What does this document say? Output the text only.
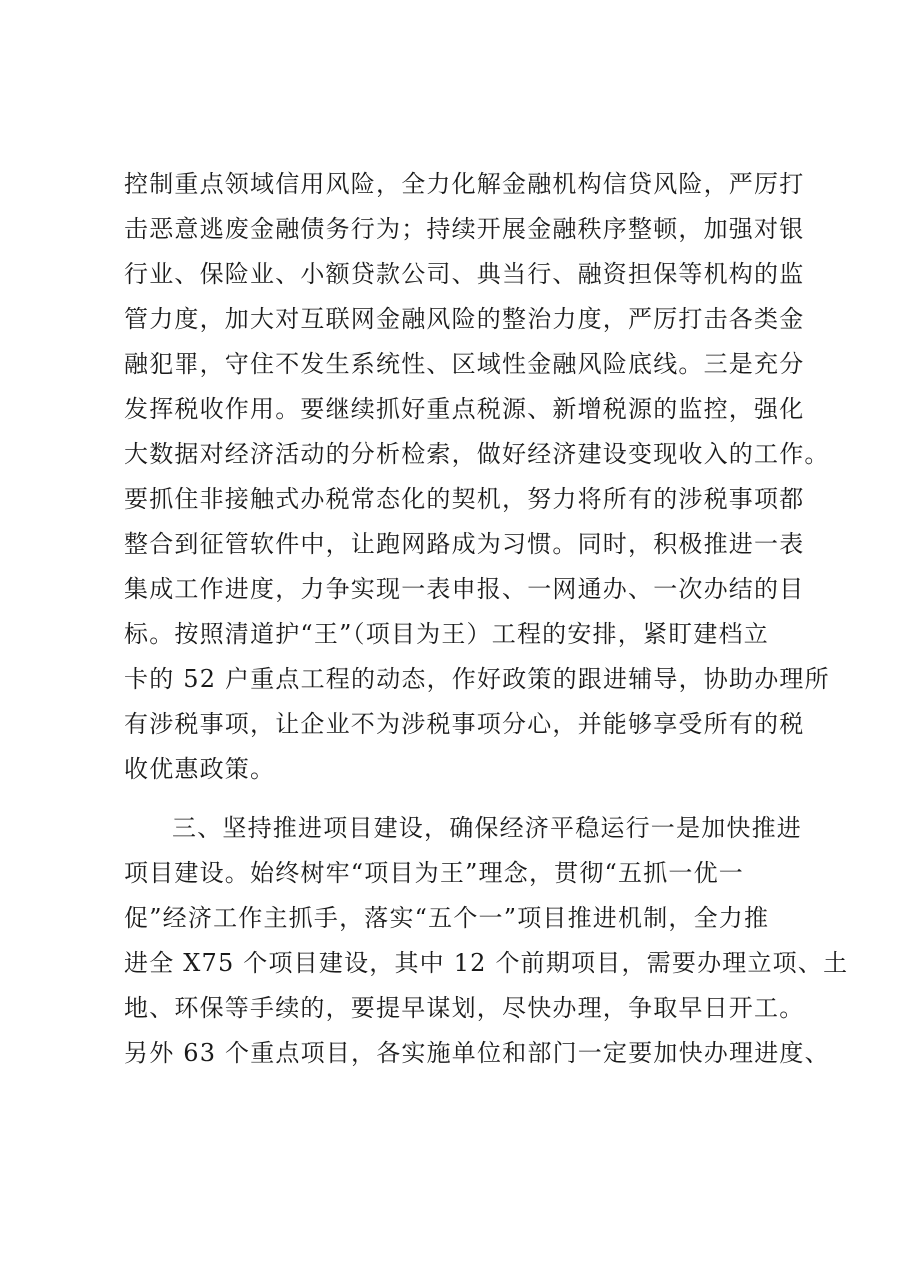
控制重点领域信用风险，全力化解金融机构信贷风险，严厉打

击恶意逃废金融债务行为；持续开展金融秩序整顿，加强对银

行业、保险业、小额贷款公司、典当行、融资担保等机构的监

管力度，加大对互联网金融风险的整治力度，严厉打击各类金

融犯罪，守住不发生系统性、区域性金融风险底线。三是充分

发挥税收作用。要继续抓好重点税源、新增税源的监控，强化

大数据对经济活动的分析检索，做好经济建设变现收入的工作。

要抓住非接触式办税常态化的契机，努力将所有的涉税事项都

整合到征管软件中，让跑网路成为习惯。同时，积极推进一表

集成工作进度，力争实现一表申报、一网通办、一次办结的目

标。按照清道护“王”（项目为王）工程的安排，紧盯建档立

卡的 52 户重点工程的动态，作好政策的跟进辅导，协助办理所

有涉税事项，让企业不为涉税事项分心，并能够享受所有的税

收优惠政策。

三、坚持推进项目建设，确保经济平稳运行一是加快推进

项目建设。始终树牢“项目为王”理念，贯彻“五抓一优一

促”经济工作主抓手，落实“五个一”项目推进机制，全力推

进全 X75 个项目建设，其中 12 个前期项目，需要办理立项、土

地、环保等手续的，要提早谋划，尽快办理，争取早日开工。

另外 63 个重点项目，各实施单位和部门一定要加快办理进度、
